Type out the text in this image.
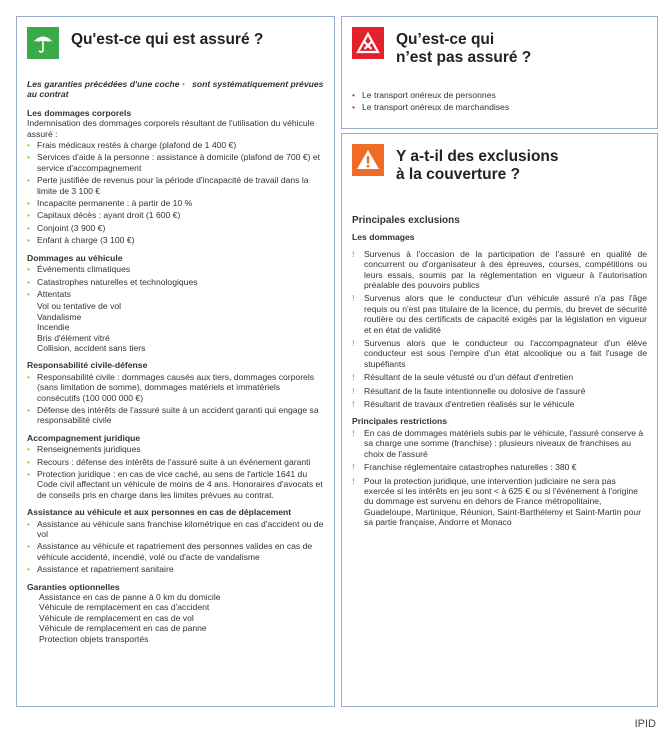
Qu'est-ce qui est assuré ?
Les garanties précédées d'une coche • sont systématiquement prévues au contrat
Les dommages corporels
Indemnisation des dommages corporels résultant de l'utilisation du véhicule assuré :
• Frais médicaux restés à charge (plafond de 1 400 €)
• Services d'aide à la personne : assistance à domicile (plafond de 700 €) et service d'accompagnement
• Perte justifiée de revenus pour la période d'incapacité de travail dans la limite de 3 100 €
• Incapacite permanente : à partir de 10 %
• Capitaux décès : ayant droit (1 600 €)
• Conjoint (3 900 €)
• Enfant à charge (3 100 €)
Dommages au véhicule
• Événements climatiques
• Catastrophes naturelles et technologiques
• Attentats
Vol ou tentative de vol
Vandalisme
Incendie
Bris d'élément vitré
Collision, accident sans tiers
Responsabilité civile-défense
• Responsabilité civile : dommages causés aux tiers, dommages corporels (sans limitation de somme), dommages matériels et immatériels consécutifs (100 000 000 €)
• Défense des intérêts de l'assuré suite à un accident garanti qui engage sa responsabilité civile
Accompagnement juridique
• Renseignements juridiques
• Recours : défense des intérêts de l'assuré suite à un événement garanti
• Protection juridique : en cas de vice caché, au sens de l'article 1641 du Code civil affectant un véhicule de moins de 4 ans. Honoraires d'avocats et de conseils pris en charge dans les limites prévues au contrat.
Assistance au véhicule et aux personnes en cas de déplacement
• Assistance au véhicule sans franchise kilométrique en cas d'accident ou de vol
• Assistance au véhicule et rapatriement des personnes valides en cas de véhicule accidenté, incendié, volé ou d'acte de vandalisme
• Assistance et rapatriement sanitaire
Garanties optionnelles
Assistance en cas de panne à 0 km du domicile
Véhicule de remplacement en cas d'accident
Véhicule de remplacement en cas de vol
Véhicule de remplacement en cas de panne
Protection objets transportés
Qu’est-ce qui
n’est pas assuré ?
• Le transport onéreux de personnes
• Le transport onéreux de marchandises
Y a-t-il des exclusions
à la couverture ?
Principales exclusions
Les dommages
! Survenus à l'occasion de la participation de l'assuré en qualité de concurrent ou d'organisateur à des épreuves, courses, compétitions ou leurs essais, soumis par la réglementation en vigueur à l'autorisation préalable des pouvoirs publics
! Survenus alors que le conducteur d'un véhicule assuré n'a pas l'âge requis ou n'est pas titulaire de la licence, du permis, du brevet de sécurité routière ou des certificats de capacité exigés par la législation en vigueur et en état de validité
! Survenus alors que le conducteur ou l'accompagnateur d'un élève conducteur est sous l'empire d'un état alcoolique ou a fait l'usage de stupéfiants
! Résultant de la seule vétusté ou d'un défaut d'entretien
! Résultant de la faute intentionnelle ou dolosive de l'assuré
! Résultant de travaux d'entretien réalisés sur le véhicule
Principales restrictions
! En cas de dommages matériels subis par le véhicule, l'assuré conserve à sa charge une somme (franchise) : plusieurs niveaux de franchises au choix de l'assuré
! Franchise réglementaire catastrophes naturelles : 380 €
! Pour la protection juridique, une intervention judiciaire ne sera pas exercée si les intérêts en jeu sont < à 625 € ou si l'événement à l'origine du dommage est survenu en dehors de France métropolitaine, Guadeloupe, Martinique, Réunion, Saint-Barthélemy et Saint-Martin pour sa partie française, Andorre et Monaco
IPID
